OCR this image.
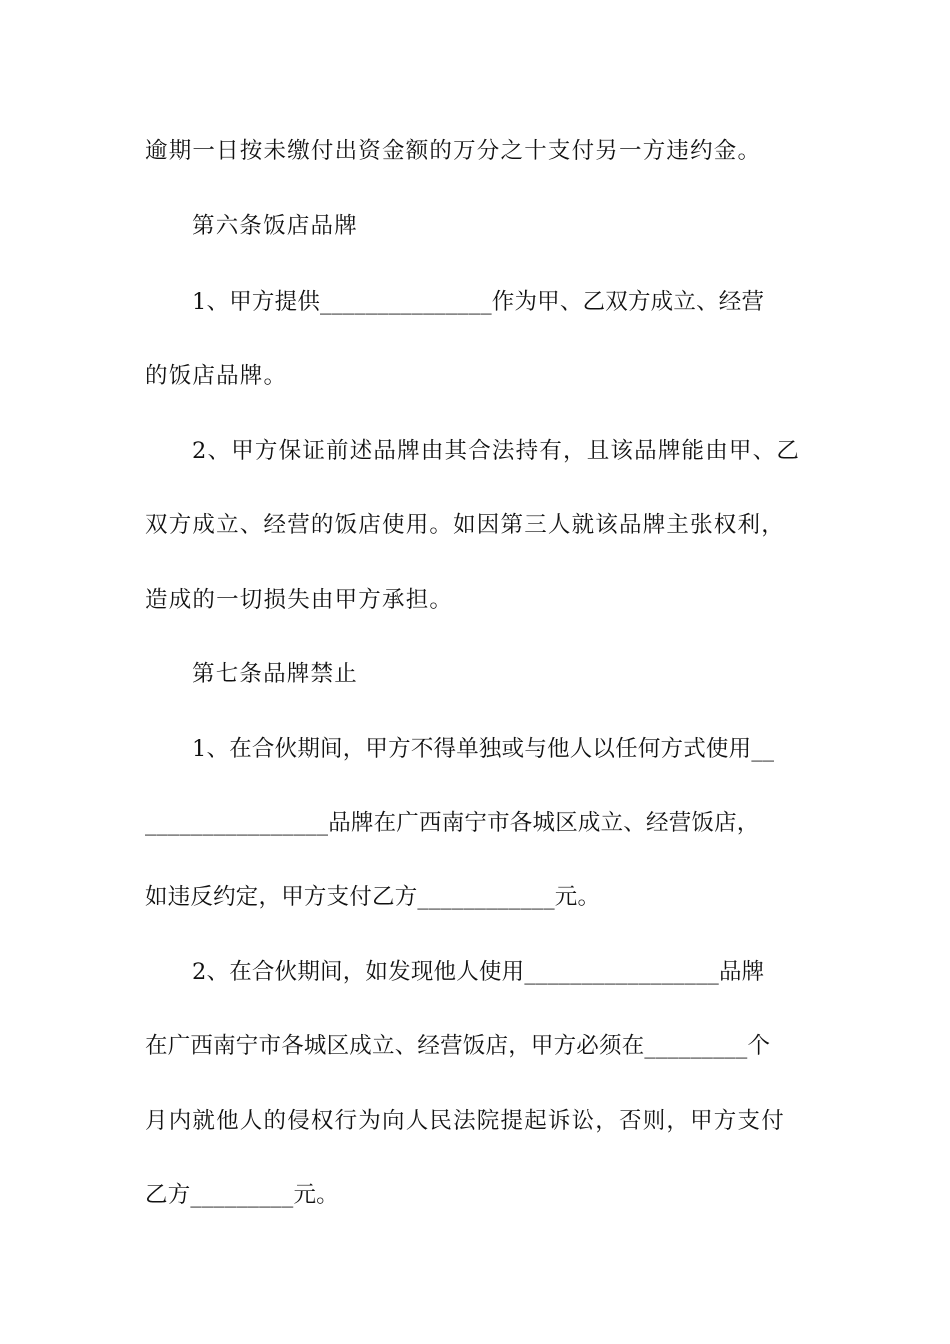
逾期一日按未缴付出资金额的万分之十支付另一方违约金。
第六条饭店品牌
1、甲方提供_______________作为甲、乙双方成立、经营
的饭店品牌。
2、甲方保证前述品牌由其合法持有，且该品牌能由甲、乙
双方成立、经营的饭店使用。如因第三人就该品牌主张权利，
造成的一切损失由甲方承担。
第七条品牌禁止
1、在合伙期间，甲方不得单独或与他人以任何方式使用__
________________品牌在广西南宁市各城区成立、经营饭店，
如违反约定，甲方支付乙方____________元。
2、在合伙期间，如发现他人使用_________________品牌
在广西南宁市各城区成立、经营饭店，甲方必须在_________个
月内就他人的侵权行为向人民法院提起诉讼，否则，甲方支付
乙方_________元。
